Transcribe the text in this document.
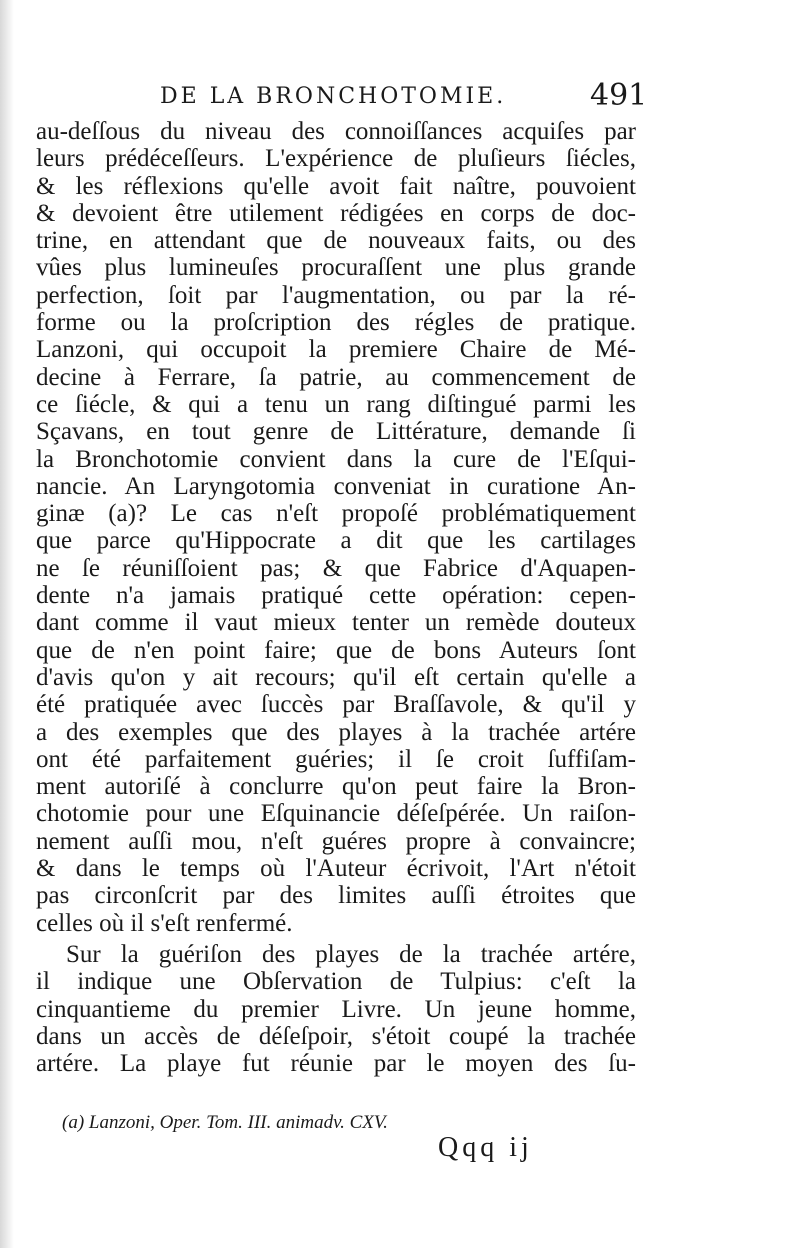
DE LA BRONCHOTOMIE.	491
au-deſſous du niveau des connoiſſances acquiſes par
leurs prédéceſſeurs. L'expérience de pluſieurs ſiécles,
& les réflexions qu'elle avoit fait naître, pouvoient
& devoient être utilement rédigées en corps de doc-
trine, en attendant que de nouveaux faits, ou des
vûes plus lumineuſes procuraſſent une plus grande
perfection, ſoit par l'augmentation, ou par la ré-
forme ou la proſcription des régles de pratique.
Lanzoni, qui occupoit la premiere Chaire de Mé-
decine à Ferrare, ſa patrie, au commencement de
ce ſiécle, & qui a tenu un rang diſtingué parmi les
Sçavans, en tout genre de Littérature, demande ſi
la Bronchotomie convient dans la cure de l'Eſqui-
nancie. An Laryngotomia conveniat in curatione An-
ginæ (a)? Le cas n'eſt propoſé problématiquement
que parce qu'Hippocrate a dit que les cartilages
ne ſe réuniſſoient pas; & que Fabrice d'Aquapen-
dente n'a jamais pratiqué cette opération: cepen-
dant comme il vaut mieux tenter un remède douteux
que de n'en point faire; que de bons Auteurs ſont
d'avis qu'on y ait recours; qu'il eſt certain qu'elle a
été pratiquée avec ſuccès par Braſſavole, & qu'il y
a des exemples que des playes à la trachée artére
ont été parfaitement guéries; il ſe croit ſuffiſam-
ment autoriſé à conclurre qu'on peut faire la Bron-
chotomie pour une Eſquinancie déſeſpérée. Un raiſon-
nement auſſi mou, n'eſt guéres propre à convaincre;
& dans le temps où l'Auteur écrivoit, l'Art n'étoit
pas circonſcrit par des limites auſſi étroites que
celles où il s'eſt renfermé.
Sur la guériſon des playes de la trachée artére,
il indique une Obſervation de Tulpius: c'eſt la
cinquantieme du premier Livre. Un jeune homme,
dans un accès de déſeſpoir, s'étoit coupé la trachée
artére. La playe fut réunie par le moyen des ſu-
(a) Lanzoni, Oper. Tom. III. animadv. CXV.
Qqq ij
